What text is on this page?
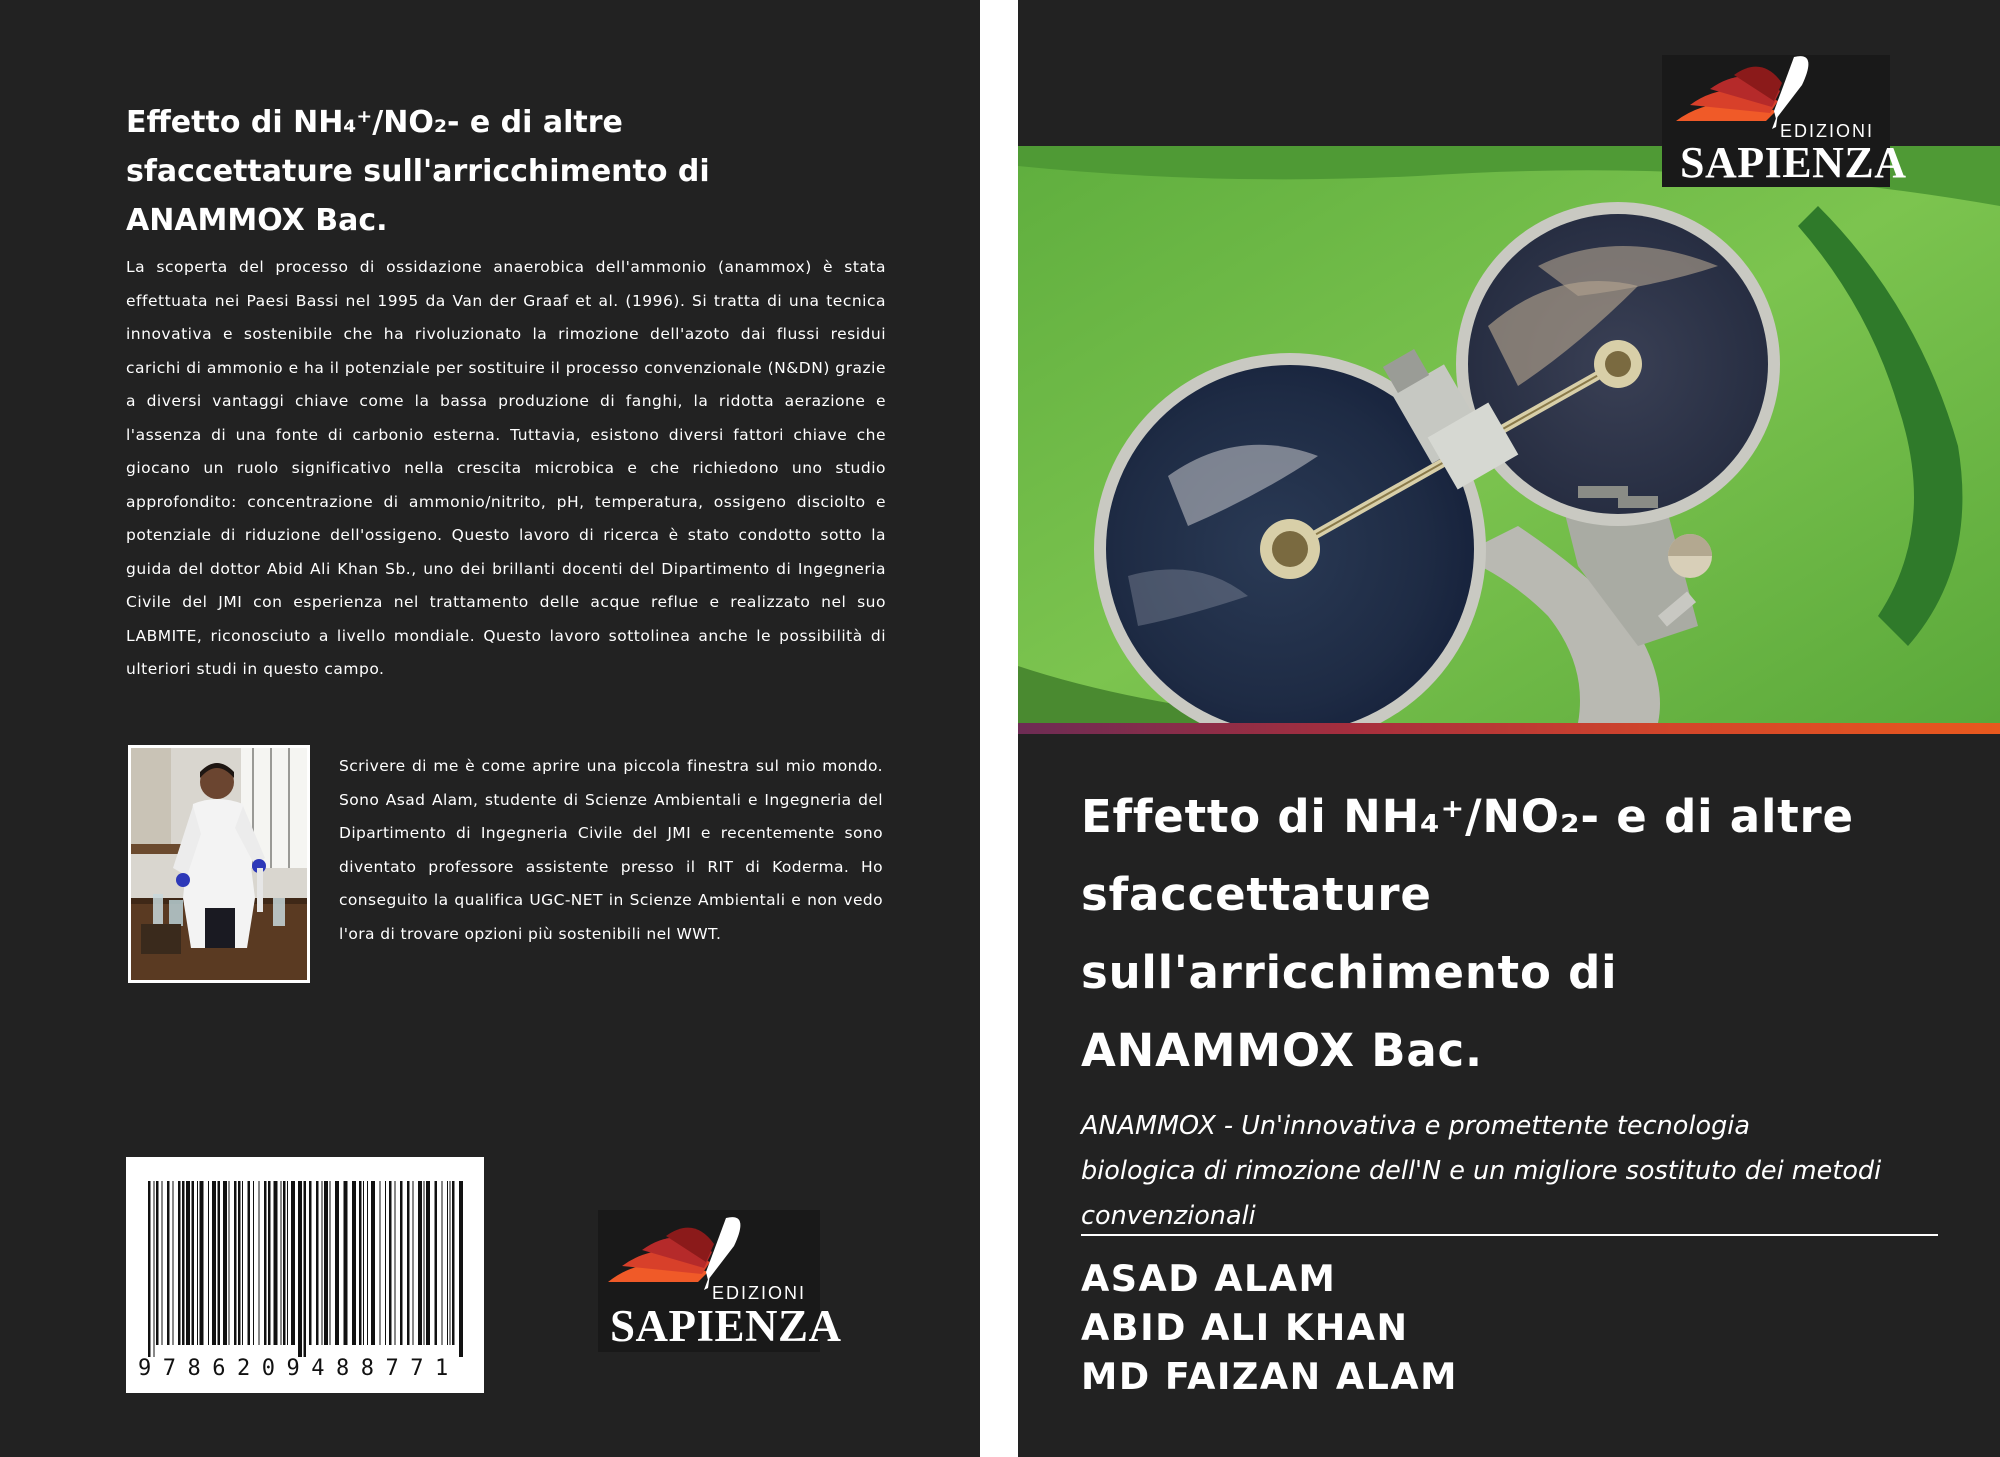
Effetto di NH₄⁺/NO₂- e di altre
sfaccettature sull'arricchimento di
ANAMMOX Bac.
La scoperta del processo di ossidazione anaerobica dell'ammonio (anammox) è stata effettuata nei Paesi Bassi nel 1995 da Van der Graaf et al. (1996). Si tratta di una tecnica innovativa e sostenibile che ha rivoluzionato la rimozione dell'azoto dai flussi residui carichi di ammonio e ha il potenziale per sostituire il processo convenzionale (N&DN) grazie a diversi vantaggi chiave come la bassa produzione di fanghi, la ridotta aerazione e l'assenza di una fonte di carbonio esterna. Tuttavia, esistono diversi fattori chiave che giocano un ruolo significativo nella crescita microbica e che richiedono uno studio approfondito: concentrazione di ammonio/nitrito, pH, temperatura, ossigeno disciolto e potenziale di riduzione dell'ossigeno. Questo lavoro di ricerca è stato condotto sotto la guida del dottor Abid Ali Khan Sb., uno dei brillanti docenti del Dipartimento di Ingegneria Civile del JMI con esperienza nel trattamento delle acque reflue e realizzato nel suo LABMITE, riconosciuto a livello mondiale. Questo lavoro sottolinea anche le possibilità di ulteriori studi in questo campo.
Scrivere di me è come aprire una piccola finestra sul mio mondo. Sono Asad Alam, studente di Scienze Ambientali e Ingegneria del Dipartimento di Ingegneria Civile del JMI e recentemente sono diventato professore assistente presso il RIT di Koderma. Ho conseguito la qualifica UGC-NET in Scienze Ambientali e non vedo l'ora di trovare opzioni più sostenibili nel WWT.
9786209488771
EDIZIONI
SAPIENZA
EDIZIONI
SAPIENZA
Effetto di NH₄⁺/NO₂- e di altre
sfaccettature
sull'arricchimento di
ANAMMOX Bac.
ANAMMOX - Un'innovativa e promettente tecnologia
biologica di rimozione dell'N e un migliore sostituto dei metodi
convenzionali
ASAD ALAM
ABID ALI KHAN
MD FAIZAN ALAM
